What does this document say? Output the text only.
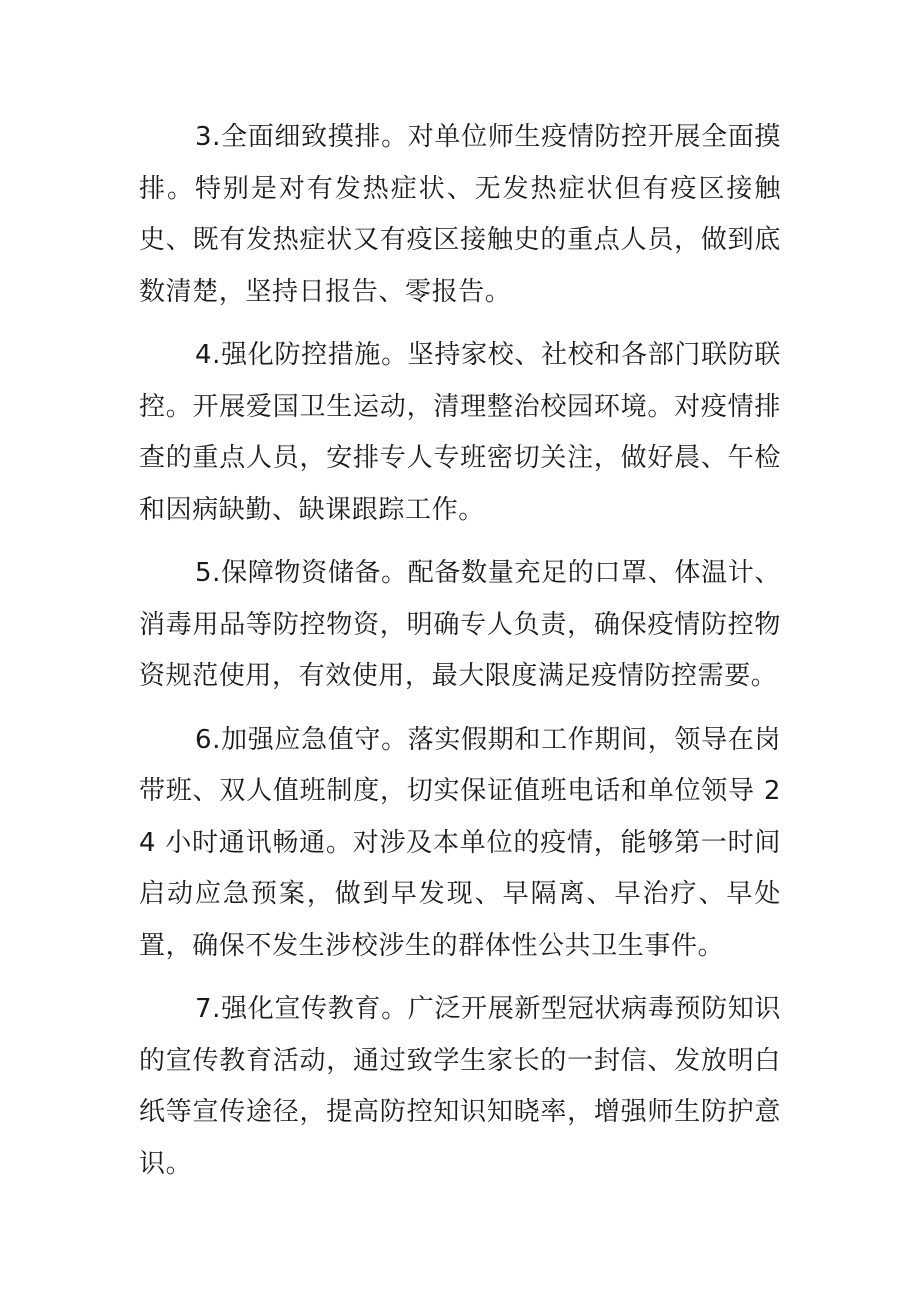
3.全面细致摸排。对单位师生疫情防控开展全面摸排。特别是对有发热症状、无发热症状但有疫区接触史、既有发热症状又有疫区接触史的重点人员，做到底数清楚，坚持日报告、零报告。

4.强化防控措施。坚持家校、社校和各部门联防联控。开展爱国卫生运动，清理整治校园环境。对疫情排查的重点人员，安排专人专班密切关注，做好晨、午检和因病缺勤、缺课跟踪工作。

5.保障物资储备。配备数量充足的口罩、体温计、消毒用品等防控物资，明确专人负责，确保疫情防控物资规范使用，有效使用，最大限度满足疫情防控需要。

6.加强应急值守。落实假期和工作期间，领导在岗带班、双人值班制度，切实保证值班电话和单位领导 24 小时通讯畅通。对涉及本单位的疫情，能够第一时间启动应急预案，做到早发现、早隔离、早治疗、早处置，确保不发生涉校涉生的群体性公共卫生事件。

7.强化宣传教育。广泛开展新型冠状病毒预防知识的宣传教育活动，通过致学生家长的一封信、发放明白纸等宣传途径，提高防控知识知晓率，增强师生防护意识。
